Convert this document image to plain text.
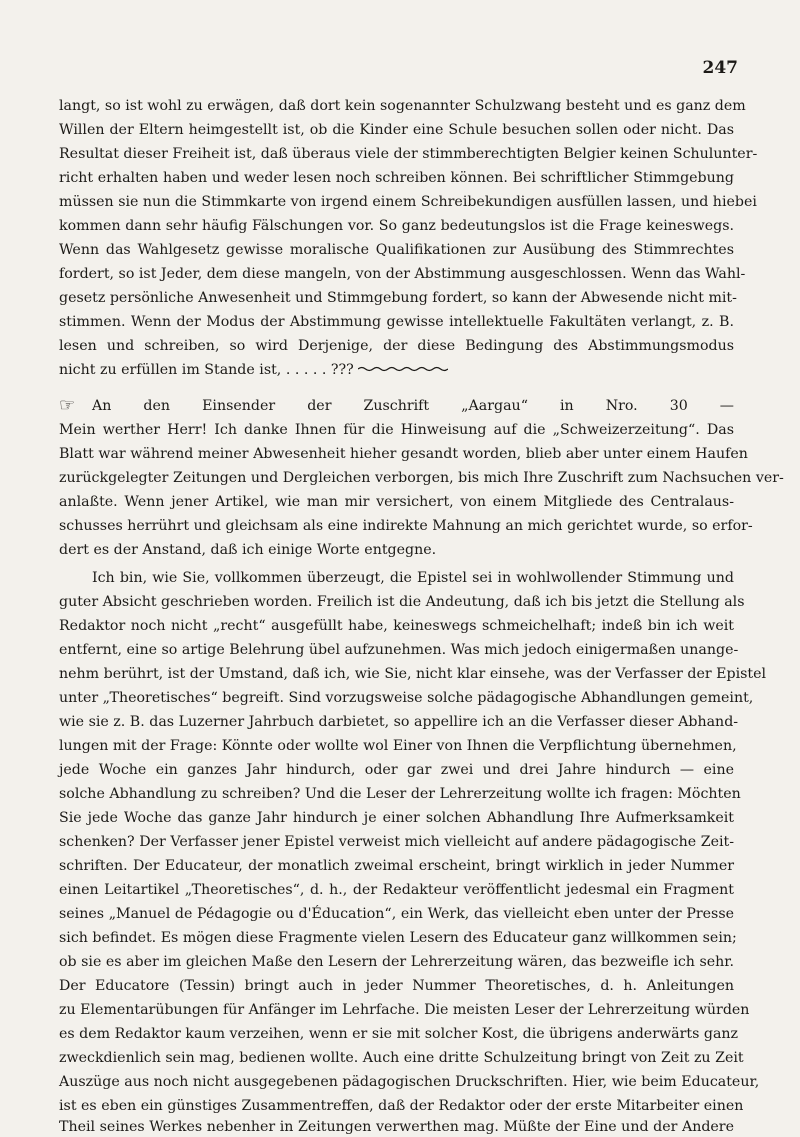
247
langt, so ist wohl zu erwägen, daß dort kein sogenannter Schulzwang besteht und es ganz dem
Willen der Eltern heimgestellt ist, ob die Kinder eine Schule besuchen sollen oder nicht. Das
Resultat dieser Freiheit ist, daß überaus viele der stimmberechtigten Belgier keinen Schulunter-
richt erhalten haben und weder lesen noch schreiben können. Bei schriftlicher Stimmgebung
müssen sie nun die Stimmkarte von irgend einem Schreibekundigen ausfüllen lassen, und hiebei
kommen dann sehr häufig Fälschungen vor. So ganz bedeutungslos ist die Frage keineswegs.
Wenn das Wahlgesetz gewisse moralische Qualifikationen zur Ausübung des Stimmrechtes
fordert, so ist Jeder, dem diese mangeln, von der Abstimmung ausgeschlossen. Wenn das Wahl-
gesetz persönliche Anwesenheit und Stimmgebung fordert, so kann der Abwesende nicht mit-
stimmen. Wenn der Modus der Abstimmung gewisse intellektuelle Fakultäten verlangt, z. B.
lesen und schreiben, so wird Derjenige, der diese Bedingung des Abstimmungsmodus
nicht zu erfüllen im Stande ist, . . . . . ???
☞ An den Einsender der Zuschrift „Aargau“ in Nro. 30 —
Mein werther Herr! Ich danke Ihnen für die Hinweisung auf die „Schweizerzeitung“. Das
Blatt war während meiner Abwesenheit hieher gesandt worden, blieb aber unter einem Haufen
zurückgelegter Zeitungen und Dergleichen verborgen, bis mich Ihre Zuschrift zum Nachsuchen ver-
anlaßte. Wenn jener Artikel, wie man mir versichert, von einem Mitgliede des Centralaus-
schusses herrührt und gleichsam als eine indirekte Mahnung an mich gerichtet wurde, so erfor-
dert es der Anstand, daß ich einige Worte entgegne.
Ich bin, wie Sie, vollkommen überzeugt, die Epistel sei in wohlwollender Stimmung und
guter Absicht geschrieben worden. Freilich ist die Andeutung, daß ich bis jetzt die Stellung als
Redaktor noch nicht „recht“ ausgefüllt habe, keineswegs schmeichelhaft; indeß bin ich weit
entfernt, eine so artige Belehrung übel aufzunehmen. Was mich jedoch einigermaßen unange-
nehm berührt, ist der Umstand, daß ich, wie Sie, nicht klar einsehe, was der Verfasser der Epistel
unter „Theoretisches“ begreift. Sind vorzugsweise solche pädagogische Abhandlungen gemeint,
wie sie z. B. das Luzerner Jahrbuch darbietet, so appellire ich an die Verfasser dieser Abhand-
lungen mit der Frage: Könnte oder wollte wol Einer von Ihnen die Verpflichtung übernehmen,
jede Woche ein ganzes Jahr hindurch, oder gar zwei und drei Jahre hindurch — eine
solche Abhandlung zu schreiben? Und die Leser der Lehrerzeitung wollte ich fragen: Möchten
Sie jede Woche das ganze Jahr hindurch je einer solchen Abhandlung Ihre Aufmerksamkeit
schenken? Der Verfasser jener Epistel verweist mich vielleicht auf andere pädagogische Zeit-
schriften. Der Educateur, der monatlich zweimal erscheint, bringt wirklich in jeder Nummer
einen Leitartikel „Theoretisches“, d. h., der Redakteur veröffentlicht jedesmal ein Fragment
seines „Manuel de Pédagogie ou d'Éducation“, ein Werk, das vielleicht eben unter der Presse
sich befindet. Es mögen diese Fragmente vielen Lesern des Educateur ganz willkommen sein;
ob sie es aber im gleichen Maße den Lesern der Lehrerzeitung wären, das bezweifle ich sehr.
Der Educatore (Tessin) bringt auch in jeder Nummer Theoretisches, d. h. Anleitungen
zu Elementarübungen für Anfänger im Lehrfache. Die meisten Leser der Lehrerzeitung würden
es dem Redaktor kaum verzeihen, wenn er sie mit solcher Kost, die übrigens anderwärts ganz
zweckdienlich sein mag, bedienen wollte. Auch eine dritte Schulzeitung bringt von Zeit zu Zeit
Auszüge aus noch nicht ausgegebenen pädagogischen Druckschriften. Hier, wie beim Educateur,
ist es eben ein günstiges Zusammentreffen, daß der Redaktor oder der erste Mitarbeiter einen
Theil seines Werkes nebenher in Zeitungen verwerthen mag. Müßte der Eine und der Andere
